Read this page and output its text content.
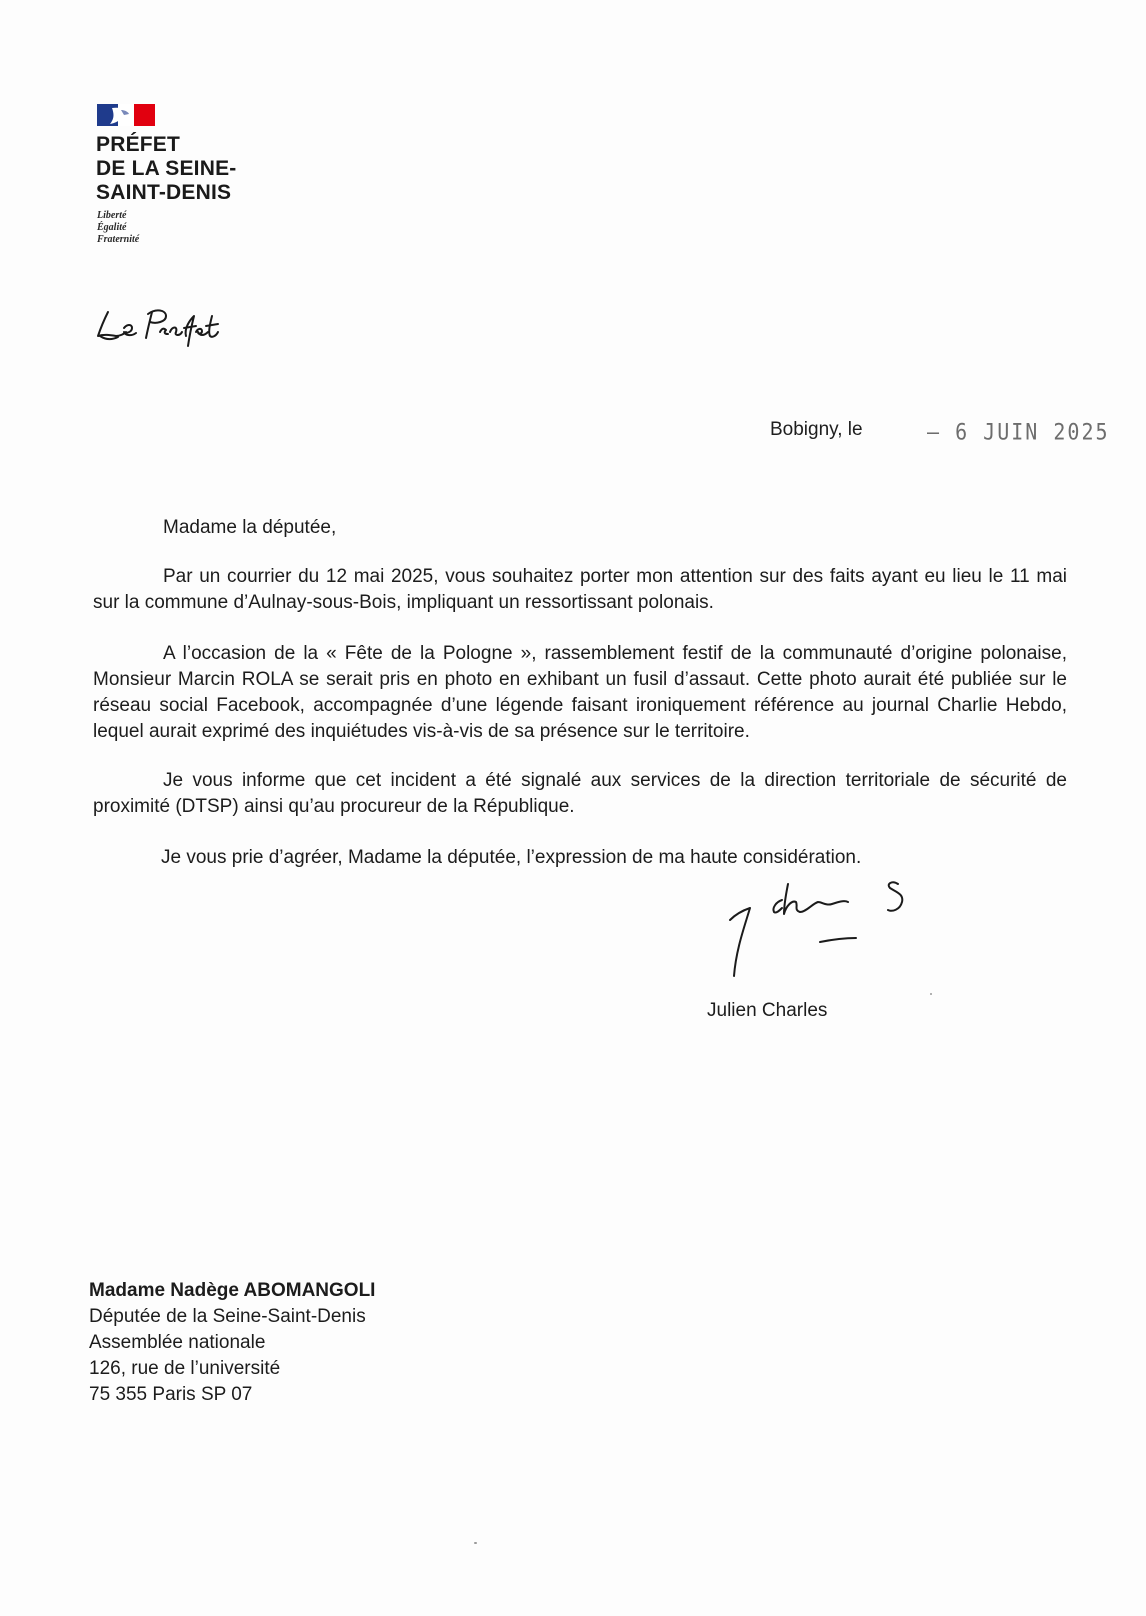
PRÉFET
DE LA SEINE-
SAINT-DENIS
Liberté
Égalité
Fraternité
Bobigny, le	– 6 JUIN 2025
Madame la députée,

Par un courrier du 12 mai 2025, vous souhaitez porter mon attention sur des faits ayant eu lieu le 11 mai sur la commune d’Aulnay-sous-Bois, impliquant un ressortissant polonais.

A l’occasion de la « Fête de la Pologne », rassemblement festif de la communauté d’origine polonaise, Monsieur Marcin ROLA se serait pris en photo en exhibant un fusil d’assaut. Cette photo aurait été publiée sur le réseau social Facebook, accompagnée d’une légende faisant ironiquement référence au journal Charlie Hebdo, lequel aurait exprimé des inquiétudes vis-à-vis de sa présence sur le territoire.

Je vous informe que cet incident a été signalé aux services de la direction territoriale de sécurité de proximité (DTSP) ainsi qu’au procureur de la République.

Je vous prie d’agréer, Madame la députée, l’expression de ma haute considération.
Julien Charles
Madame Nadège ABOMANGOLI
Députée de la Seine-Saint-Denis
Assemblée nationale
126, rue de l’université
75 355 Paris SP 07
